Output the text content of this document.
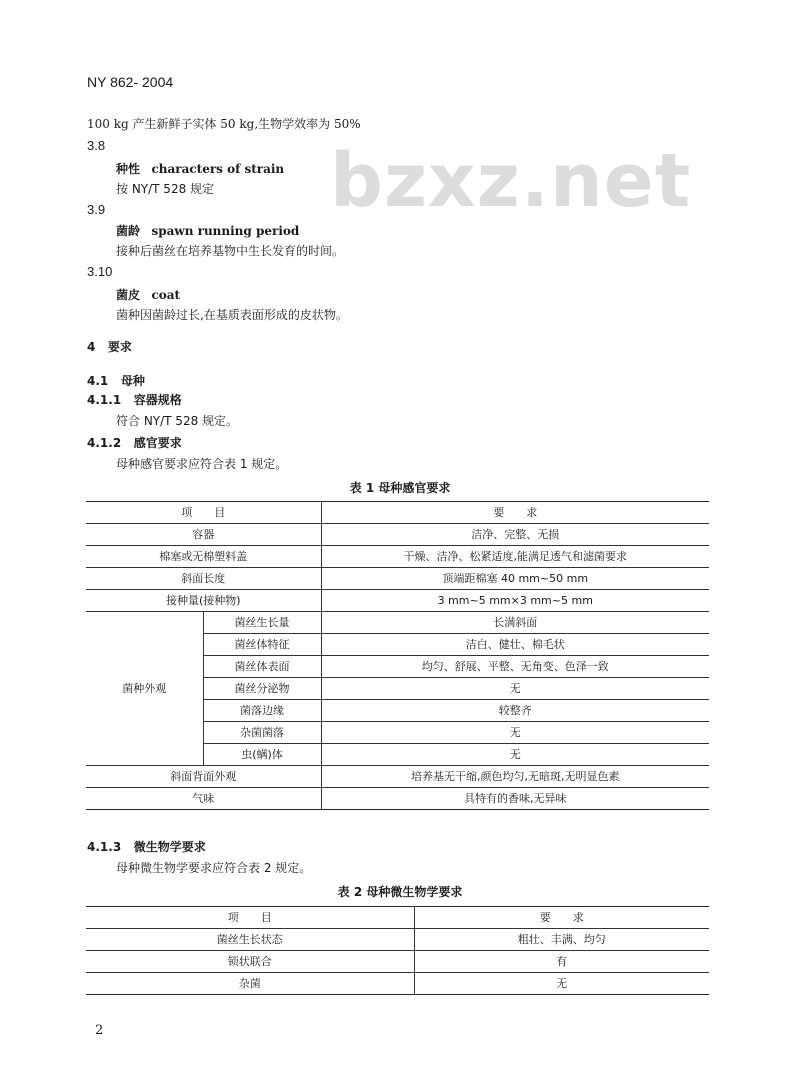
bzxz.net
NY 862- 2004
100 kg 产生新鲜子实体 50 kg,生物学效率为 50%
3.8
种性 characters of strain
按 NY/T 528 规定
3.9
菌龄 spawn running period
接种后菌丝在培养基物中生长发育的时间。
3.10
菌皮 coat
菌种因菌龄过长,在基质表面形成的皮状物。
4 要求
4.1 母种
4.1.1 容器规格
符合 NY/T 528 规定。
4.1.2 感官要求
母种感官要求应符合表 1 规定。
表 1 母种感官要求
项　　目		要　　求
容器		洁净、完整、无损
棉塞或无棉塑料盖		干燥、洁净、松紧适度,能满足透气和滤菌要求
斜面长度		顶端距棉塞 40 mm~50 mm
接种量(接种物)		3 mm~5 mm×3 mm~5 mm
菌种外观	菌丝生长量	长满斜面
	菌丝体特征	洁白、健壮、棉毛状
	菌丝体表面	均匀、舒展、平整、无角变、色泽一致
	菌丝分泌物	无
	菌落边缘	较整齐
	杂菌菌落	无
	虫(螨)体	无
斜面背面外观		培养基无干缩,颜色均匀,无暗斑,无明显色素
气味		具特有的香味,无异味
4.1.3 微生物学要求
母种微生物学要求应符合表 2 规定。
表 2 母种微生物学要求
项　　目	要　　求
菌丝生长状态	粗壮、丰满、均匀
锁状联合	有
杂菌	无
2
